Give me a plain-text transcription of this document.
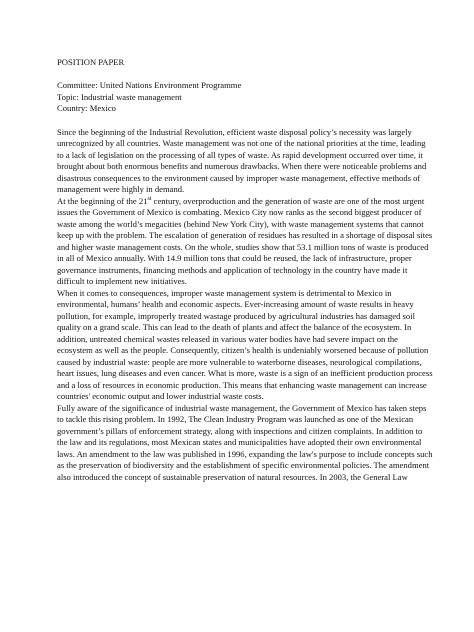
POSITION PAPER
Committee: United Nations Environment Programme
Topic: Industrial waste management
Country: Mexico

Since the beginning of the Industrial Revolution, efficient waste disposal policy’s necessity was largely unrecognized by all countries. Waste management was not one of the national priorities at the time, leading to a lack of legislation on the processing of all types of waste. As rapid development occurred over time, it brought about both enormous benefits and numerous drawbacks. When there were noticeable problems and disastrous consequences to the environment caused by improper waste management, effective methods of management were highly in demand.

At the beginning of the 21st century, overproduction and the generation of waste are one of the most urgent issues the Government of Mexico is combating. Mexico City now ranks as the second biggest producer of waste among the world’s megacities (behind New York City), with waste management systems that cannot keep up with the problem. The escalation of generation of residues has resulted in a shortage of disposal sites and higher waste management costs. On the whole, studies show that 53.1 million tons of waste is produced in all of Mexico annually. With 14.9 million tons that could be reused, the lack of infrastructure, proper governance instruments, financing methods and application of technology in the country have made it difficult to implement new initiatives.

When it comes to consequences, improper waste management system is detrimental to Mexico in environmental, humans’ health and economic aspects. Ever-increasing amount of waste results in heavy pollution, for example, improperly treated wastage produced by agricultural industries has damaged soil quality on a grand scale. This can lead to the death of plants and affect the balance of the ecosystem. In addition, untreated chemical wastes released in various water bodies have had severe impact on the ecosystem as well as the people. Consequently, citizen’s health is undeniably worsened because of pollution caused by industrial waste: people are more vulnerable to waterborne diseases, neurological compilations, heart issues, lung diseases and even cancer. What is more, waste is a sign of an inefficient production process and a loss of resources in economic production. This means that enhancing waste management can increase countries' economic output and lower industrial waste costs.

Fully aware of the significance of industrial waste management, the Government of Mexico has taken steps to tackle this rising problem. In 1992, The Clean Industry Program was launched as one of the Mexican government’s pillars of enforcement strategy, along with inspections and citizen complaints. In addition to the law and its regulations, most Mexican states and municipalities have adopted their own environmental laws. An amendment to the law was published in 1996, expanding the law's purpose to include concepts such as the preservation of biodiversity and the establishment of specific environmental policies. The amendment also introduced the concept of sustainable preservation of natural resources. In 2003, the General Law
